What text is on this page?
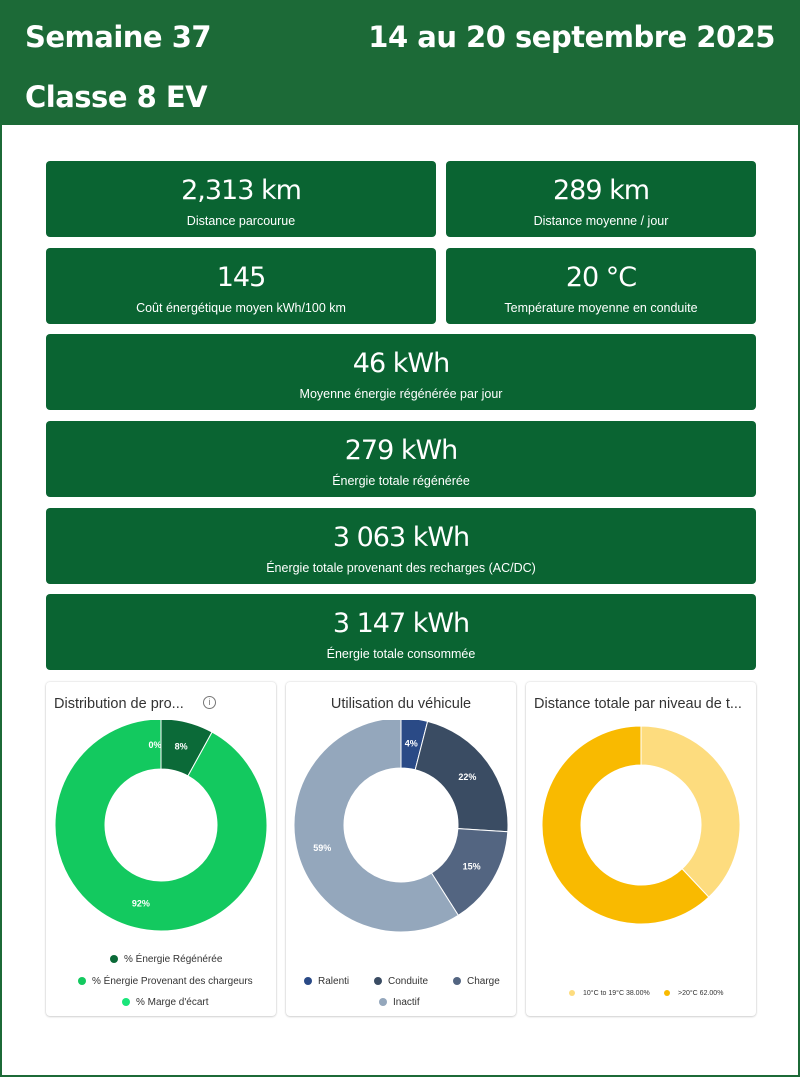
Semaine 37	14 au 20 septembre 2025
Classe 8 EV
2,313 km
Distance parcourue
289 km
Distance moyenne / jour
145
Coût énergétique moyen kWh/100 km
20 °C
Température moyenne en conduite
46 kWh
Moyenne énergie régénérée par jour
279 kWh
Énergie totale régénérée
3 063 kWh
Énergie totale provenant des recharges (AC/DC)
3 147 kWh
Énergie totale consommée
Distribution de pro...	i
8%
92%
0%
% Énergie Régénérée
% Énergie Provenant des chargeurs
% Marge d'écart
Utilisation du véhicule
4%
22%
15%
59%
Ralenti	Conduite	Charge
Inactif
Distance totale par niveau de t...
10°C to 19°C 38.00%	>20°C 62.00%
